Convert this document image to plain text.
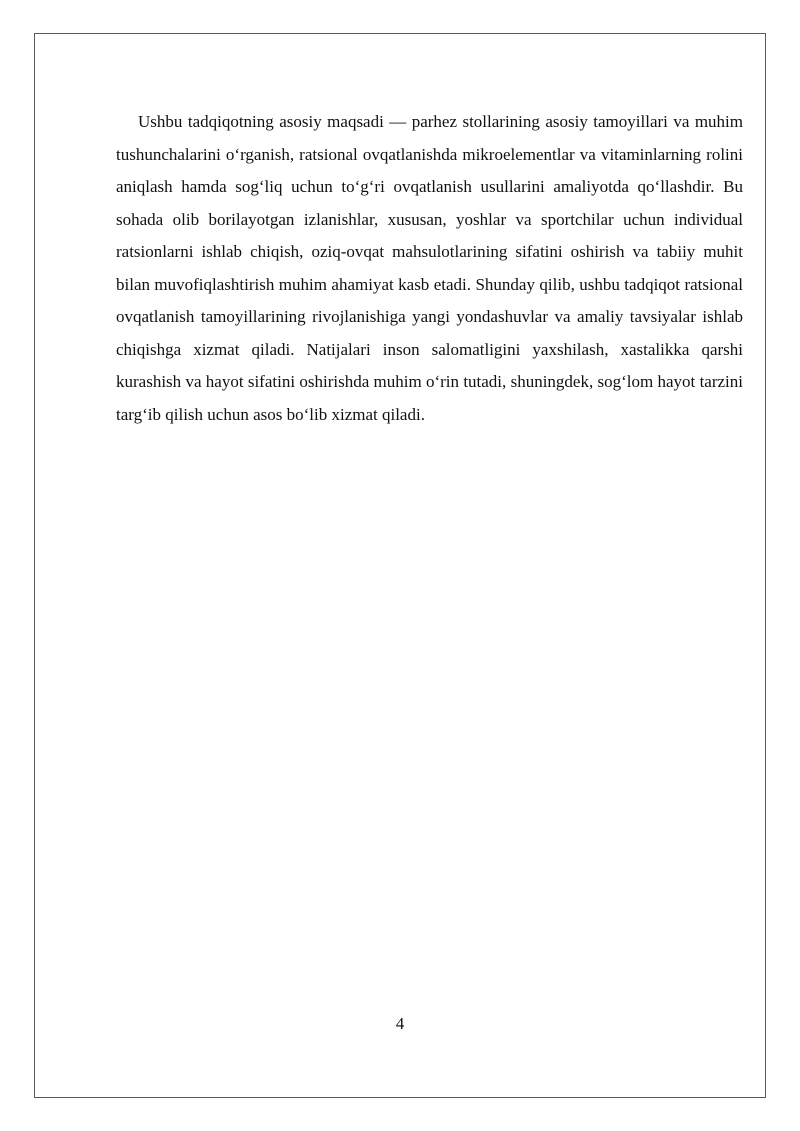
Ushbu tadqiqotning asosiy maqsadi — parhez stollarining asosiy tamoyillari va muhim tushunchalarini o‘rganish, ratsional ovqatlanishda mikroelementlar va vitaminlarning rolini aniqlash hamda sog‘liq uchun to‘g‘ri ovqatlanish usullarini amaliyotda qo‘llashdir. Bu sohada olib borilayotgan izlanishlar, xususan, yoshlar va sportchilar uchun individual ratsionlarni ishlab chiqish, oziq-ovqat mahsulotlarining sifatini oshirish va tabiiy muhit bilan muvofiqlashtirish muhim ahamiyat kasb etadi. Shunday qilib, ushbu tadqiqot ratsional ovqatlanish tamoyillarining rivojlanishiga yangi yondashuvlar va amaliy tavsiyalar ishlab chiqishga xizmat qiladi. Natijalari inson salomatligini yaxshilash, xastalikka qarshi kurashish va hayot sifatini oshirishda muhim o‘rin tutadi, shuningdek, sog‘lom hayot tarzini targ‘ib qilish uchun asos bo‘lib xizmat qiladi.

4
